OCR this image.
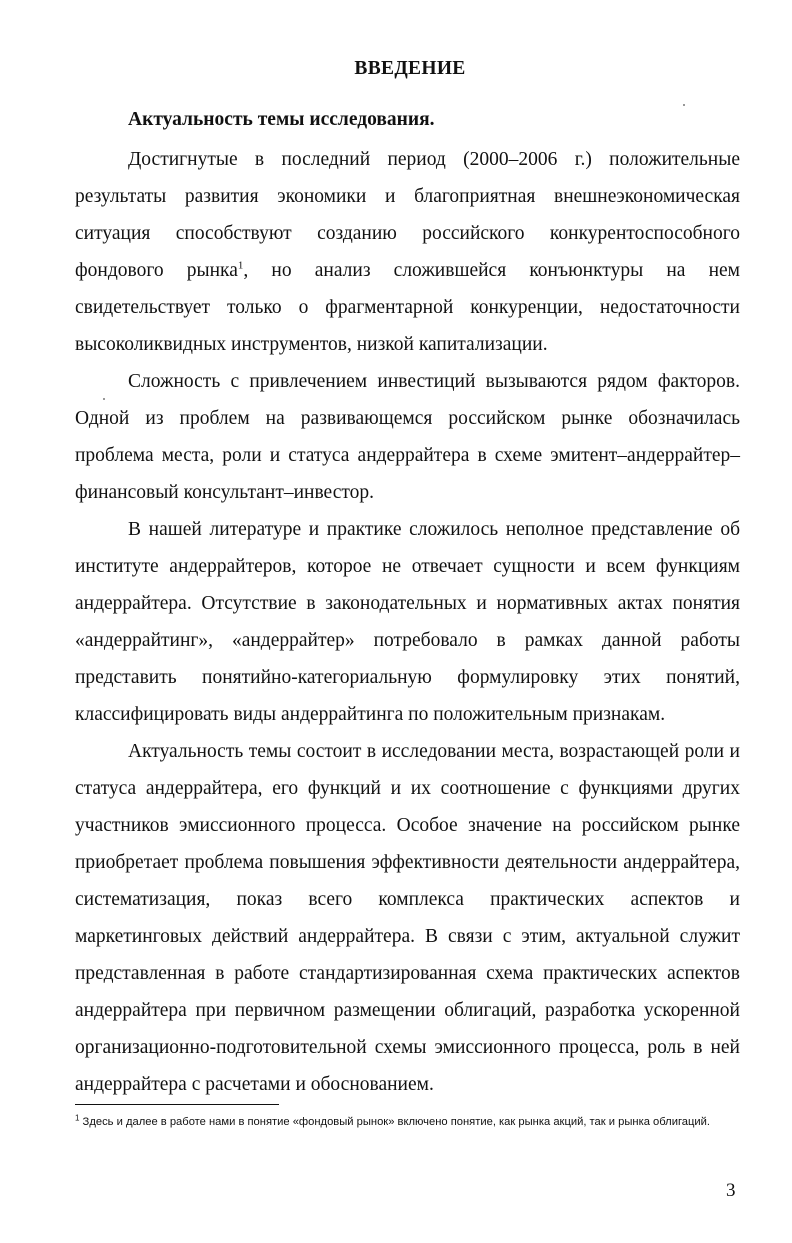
ВВЕДЕНИЕ
Актуальность темы исследования.

Достигнутые в последний период (2000–2006 г.) положительные результаты развития экономики и благоприятная внешнеэкономическая ситуация способствуют созданию российского конкурентоспособного фондового рынка$^1$, но анализ сложившейся конъюнктуры на нем свидетельствует только о фрагментарной конкуренции, недостаточности высоколиквидных инструментов, низкой капитализации.

Сложность с привлечением инвестиций вызываются рядом факторов. Одной из проблем на развивающемся российском рынке обозначилась проблема места, роли и статуса андеррайтера в схеме эмитент–андеррайтер–финансовый консультант–инвестор.

В нашей литературе и практике сложилось неполное представление об институте андеррайтеров, которое не отвечает сущности и всем функциям андеррайтера. Отсутствие в законодательных и нормативных актах понятия «андеррайтинг», «андеррайтер» потребовало в рамках данной работы представить понятийно-категориальную формулировку этих понятий, классифицировать виды андеррайтинга по положительным признакам.

Актуальность темы состоит в исследовании места, возрастающей роли и статуса андеррайтера, его функций и их соотношение с функциями других участников эмиссионного процесса. Особое значение на российском рынке приобретает проблема повышения эффективности деятельности андеррайтера, систематизация, показ всего комплекса практических аспектов и маркетинговых действий андеррайтера. В связи с этим, актуальной служит представленная в работе стандартизированная схема практических аспектов андеррайтера при первичном размещении облигаций, разработка ускоренной организационно-подготовительной схемы эмиссионного процесса, роль в ней андеррайтера с расчетами и обоснованием.

$^1$ Здесь и далее в работе нами в понятие «фондовый рынок» включено понятие, как рынка акций, так и рынка облигаций.
3
